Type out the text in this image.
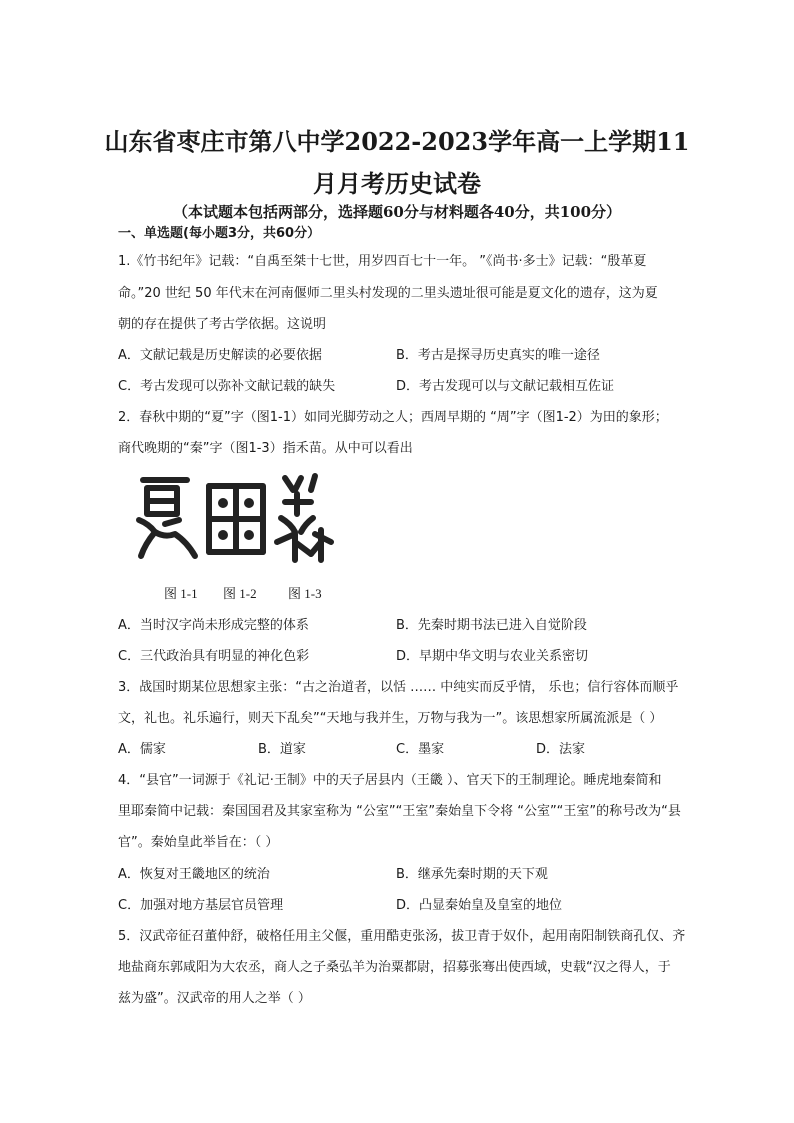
山东省枣庄市第八中学2022-2023学年高一上学期11
月月考历史试卷
（本试题本包括两部分，选择题60分与材料题各40分，共100分）
一、单选题(每小题3分，共60分）
1.《竹书纪年》记载：“自禹至桀十七世，用岁四百七十一年。 ”《尚书·多士》记载：“殷革夏
命。”20 世纪 50 年代末在河南偃师二里头村发现的二里头遗址很可能是夏文化的遗存，这为夏
朝的存在提供了考古学依据。这说明
A．文献记载是历史解读的必要依据	B．考古是探寻历史真实的唯一途径
C．考古发现可以弥补文献记载的缺失	D．考古发现可以与文献记载相互佐证
2．春秋中期的“夏”字（图1-1）如同光脚劳动之人；西周早期的 “周”字（图1-2）为田的象形；
商代晚期的“秦”字（图1-3）指禾苗。从中可以看出
图 1-1 图 1-2 图 1-3
A．当时汉字尚未形成完整的体系	B．先秦时期书法已进入自觉阶段
C．三代政治具有明显的神化色彩	D．早期中华文明与农业关系密切
3．战国时期某位思想家主张：“古之治道者，以恬 …… 中纯实而反乎情， 乐也；信行容体而顺乎
文，礼也。礼乐遍行，则天下乱矣”“天地与我并生，万物与我为一”。该思想家所属流派是（ ）
A．儒家	B．道家	C．墨家	D．法家
4．“县官”一词源于《礼记·王制》中的天子居县内（王畿 ）、官天下的王制理论。睡虎地秦简和
里耶秦简中记载：秦国国君及其家室称为 “公室”“王室”秦始皇下令将 “公室”“王室”的称号改为“县
官”。秦始皇此举旨在：（ ）
A．恢复对王畿地区的统治	B．继承先秦时期的天下观
C．加强对地方基层官员管理	D．凸显秦始皇及皇室的地位
5．汉武帝征召董仲舒，破格任用主父偃，重用酷吏张汤，拔卫青于奴仆，起用南阳制铁商孔仅、齐
地盐商东郭咸阳为大农丞，商人之子桑弘羊为治粟都尉，招募张骞出使西域，史载“汉之得人，于
兹为盛”。汉武帝的用人之举（ ）
